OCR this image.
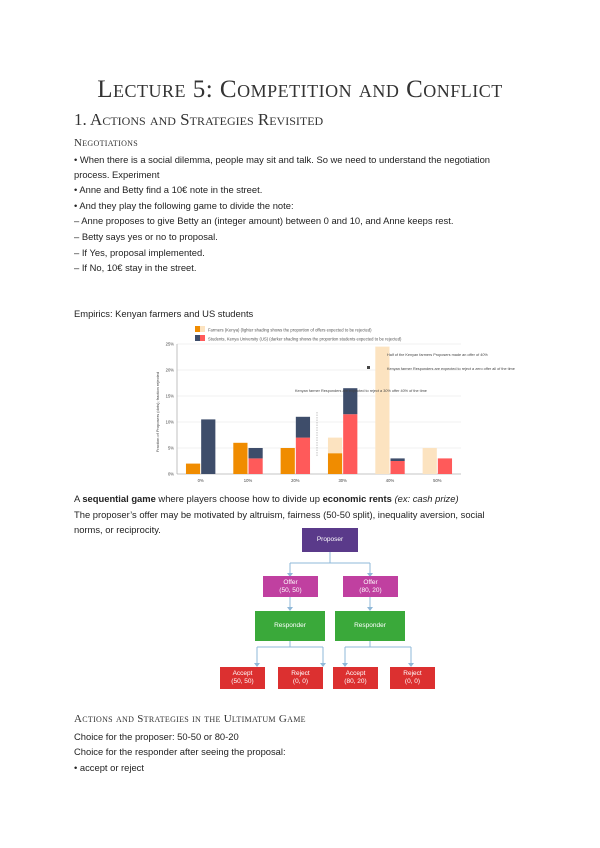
Lecture 5: Competition and Conflict
1. Actions and Strategies Revisited
Negotiations
• When there is a social dilemma, people may sit and talk. So we need to understand the negotiation
process. Experiment
• Anne and Betty find a 10€ note in the street.
• And they play the following game to divide the note:
– Anne proposes to give Betty an (integer amount) between 0 and 10, and Anne keeps rest.
– Betty says yes or no to proposal.
– If Yes, proposal implemented.
– If No, 10€ stay in the street.
Empirics: Kenyan farmers and US students
Farmers (Kenya) (lighter shading shows the proportion of offers expected to be rejected)
Students, Kenya University (US) (darker shading shows the proportion students expected to be rejected)
0%
5%
10%
15%
20%
25%
Fraction of Proposers (dots); fraction rejected
0%	10%	20%	30%	40%	50%
Half of the Kenyan farmers Proposers made an offer of 40%
Kenyan farmer Responders are expected to reject a zero offer all of the time
Kenyan farmer Responders are expected to reject a 30% offer 40% of the time
A sequential game where players choose how to divide up economic rents (ex: cash prize)
The proposer’s offer may be motivated by altruism, fairness (50-50 split), inequality aversion, social
norms, or reciprocity.
Proposer
Offer
(50, 50)
Offer
(80, 20)
Responder	Responder
Accept
(50, 50)
Reject
(0, 0)
Accept
(80, 20)
Reject
(0, 0)
Actions and Strategies in the Ultimatum Game
Choice for the proposer: 50-50 or 80-20
Choice for the responder after seeing the proposal:
• accept or reject
